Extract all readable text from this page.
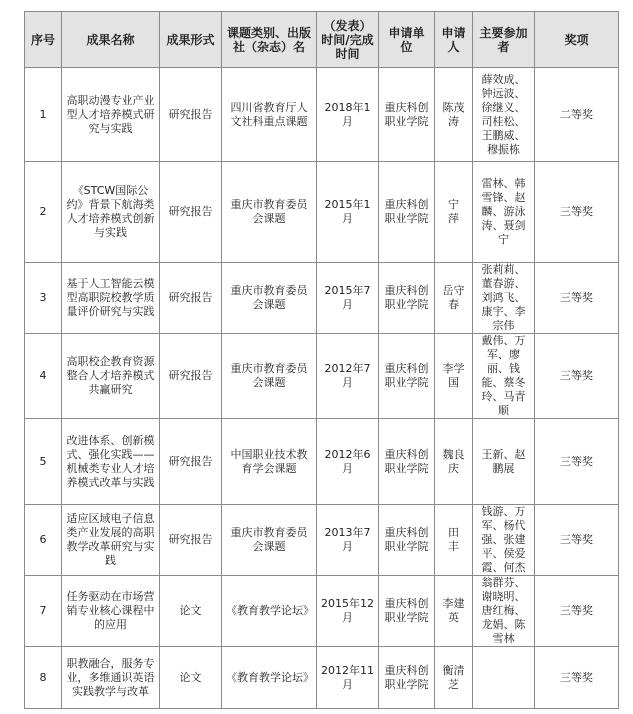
序号	成果名称	成果形式	课题类别、出版社（杂志）名	（发表）时间/完成时间	申请单位	申请人	主要参加者	奖项
1	高职动漫专业产业型人才培养模式研究与实践	研究报告	四川省教育厅人文社科重点课题	2018年1月	重庆科创职业学院	陈茂涛	薛效成、钟远波、徐继义、司桂松、王鹏威、穆振栋	二等奖
2	《STCW国际公约》背景下航海类人才培养模式创新与实践	研究报告	重庆市教育委员会课题	2015年1月	重庆科创职业学院	宁　萍	雷林、韩雪锋、赵麟、游泳涛、聂剑宁	三等奖
3	基于人工智能云模型高职院校教学质量评价研究与实践	研究报告	重庆市教育委员会课题	2015年7月	重庆科创职业学院	岳守春	张莉莉、董春游、刘鸿飞、康宇、李宗伟	三等奖
4	高职校企教育资源整合人才培养模式共赢研究	研究报告	重庆市教育委员会课题	2012年7月	重庆科创职业学院	李学国	戴伟、万军、廖丽、钱能、蔡冬玲、马青顺	三等奖
5	改进体系、创新模式、强化实践——机械类专业人才培养模式改革与实践	研究报告	中国职业技术教育学会课题	2012年6月	重庆科创职业学院	魏良庆	王新、赵鹏展	三等奖
6	适应区域电子信息类产业发展的高职教学改革研究与实践	研究报告	重庆市教育委员会课题	2013年7月	重庆科创职业学院	田　丰	钱游、万军、杨代强、张建平、侯爱霞、何杰	三等奖
7	任务驱动在市场营销专业核心课程中的应用	论文	《教育教学论坛》	2015年12月	重庆科创职业学院	李建英	翁群芬、谢晓明、唐红梅、龙娟、陈雪林	三等奖
8	职教融合，服务专业，多维通识英语实践教学与改革	论文	《教育教学论坛》	2012年11月	重庆科创职业学院	衡清芝		三等奖
